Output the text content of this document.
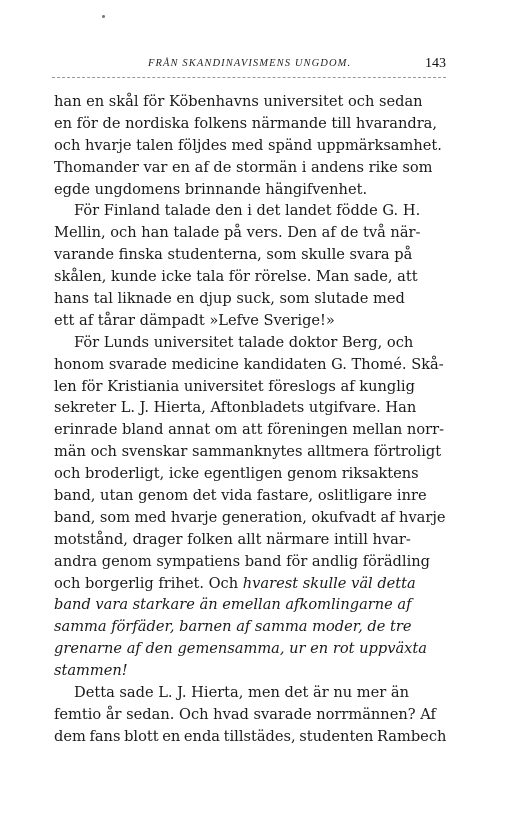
FRÅN SKANDINAVISMENS UNGDOM.	143
han en skål för Köbenhavns universitet och sedan
en för de nordiska folkens närmande till hvarandra,
och hvarje talen följdes med spänd uppmärksamhet.
Thomander var en af de stormän i andens rike som
egde ungdomens brinnande hängifvenhet.
För Finland talade den i det landet födde G. H.
Mellin, och han talade på vers. Den af de två när-
varande finska studenterna, som skulle svara på
skålen, kunde icke tala för rörelse. Man sade, att
hans tal liknade en djup suck, som slutade med
ett af tårar dämpadt »Lefve Sverige!»
För Lunds universitet talade doktor Berg, och
honom svarade medicine kandidaten G. Thomé. Skå-
len för Kristiania universitet föreslogs af kunglig
sekreter L. J. Hierta, Aftonbladets utgifvare. Han
erinrade bland annat om att föreningen mellan norr-
män och svenskar sammanknytes alltmera förtroligt
och broderligt, icke egentligen genom riksaktens
band, utan genom det vida fastare, oslitligare inre
band, som med hvarje generation, okufvadt af hvarje
motstånd, drager folken allt närmare intill hvar-
andra genom sympatiens band för andlig förädling
och borgerlig frihet. Och hvarest skulle väl detta
band vara starkare än emellan afkomlingarne af
samma förfäder, barnen af samma moder, de tre
grenarne af den gemensamma, ur en rot uppväxta
stammen!
Detta sade L. J. Hierta, men det är nu mer än
femtio år sedan. Och hvad svarade norrmännen? Af
dem fans blott en enda tillstädes, studenten Rambech
